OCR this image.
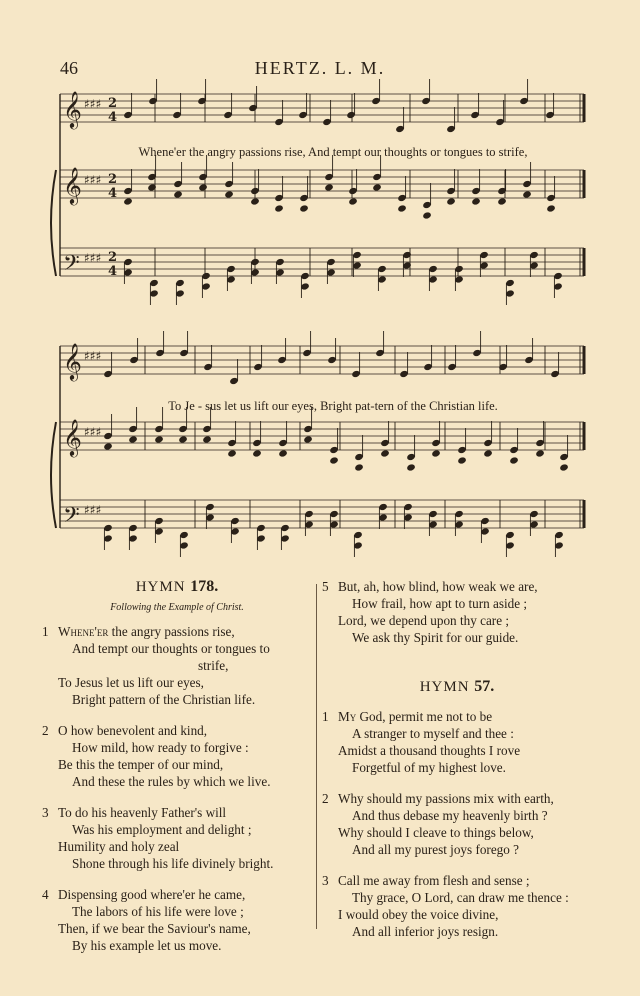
46	HERTZ. L. M.
𝄞 ♯♯♯ 2
4
𝄞 ♯♯♯ 2
4
𝄢 ♯♯♯ 2
4
𝄞 ♯♯♯
𝄞 ♯♯♯
𝄢 ♯♯♯
Whene'er the angry passions rise, And tempt our thoughts or tongues to strife,
To Je - sus let us lift our eyes, Bright pat-tern of the Christian life.
HYMN 178.
Following the Example of Christ.
1 Whene'er the angry passions rise,
And tempt our thoughts or tongues to
strife,
To Jesus let us lift our eyes,
Bright pattern of the Christian life.
2 O how benevolent and kind,
How mild, how ready to forgive :
Be this the temper of our mind,
And these the rules by which we live.
3 To do his heavenly Father's will
Was his employment and delight ;
Humility and holy zeal
Shone through his life divinely bright.
4 Dispensing good where'er he came,
The labors of his life were love ;
Then, if we bear the Saviour's name,
By his example let us move.
5 But, ah, how blind, how weak we are,
How frail, how apt to turn aside ;
Lord, we depend upon thy care ;
We ask thy Spirit for our guide.
HYMN 57.
1 My God, permit me not to be
A stranger to myself and thee :
Amidst a thousand thoughts I rove
Forgetful of my highest love.
2 Why should my passions mix with earth,
And thus debase my heavenly birth ?
Why should I cleave to things below,
And all my purest joys forego ?
3 Call me away from flesh and sense ;
Thy grace, O Lord, can draw me thence :
I would obey the voice divine,
And all inferior joys resign.
